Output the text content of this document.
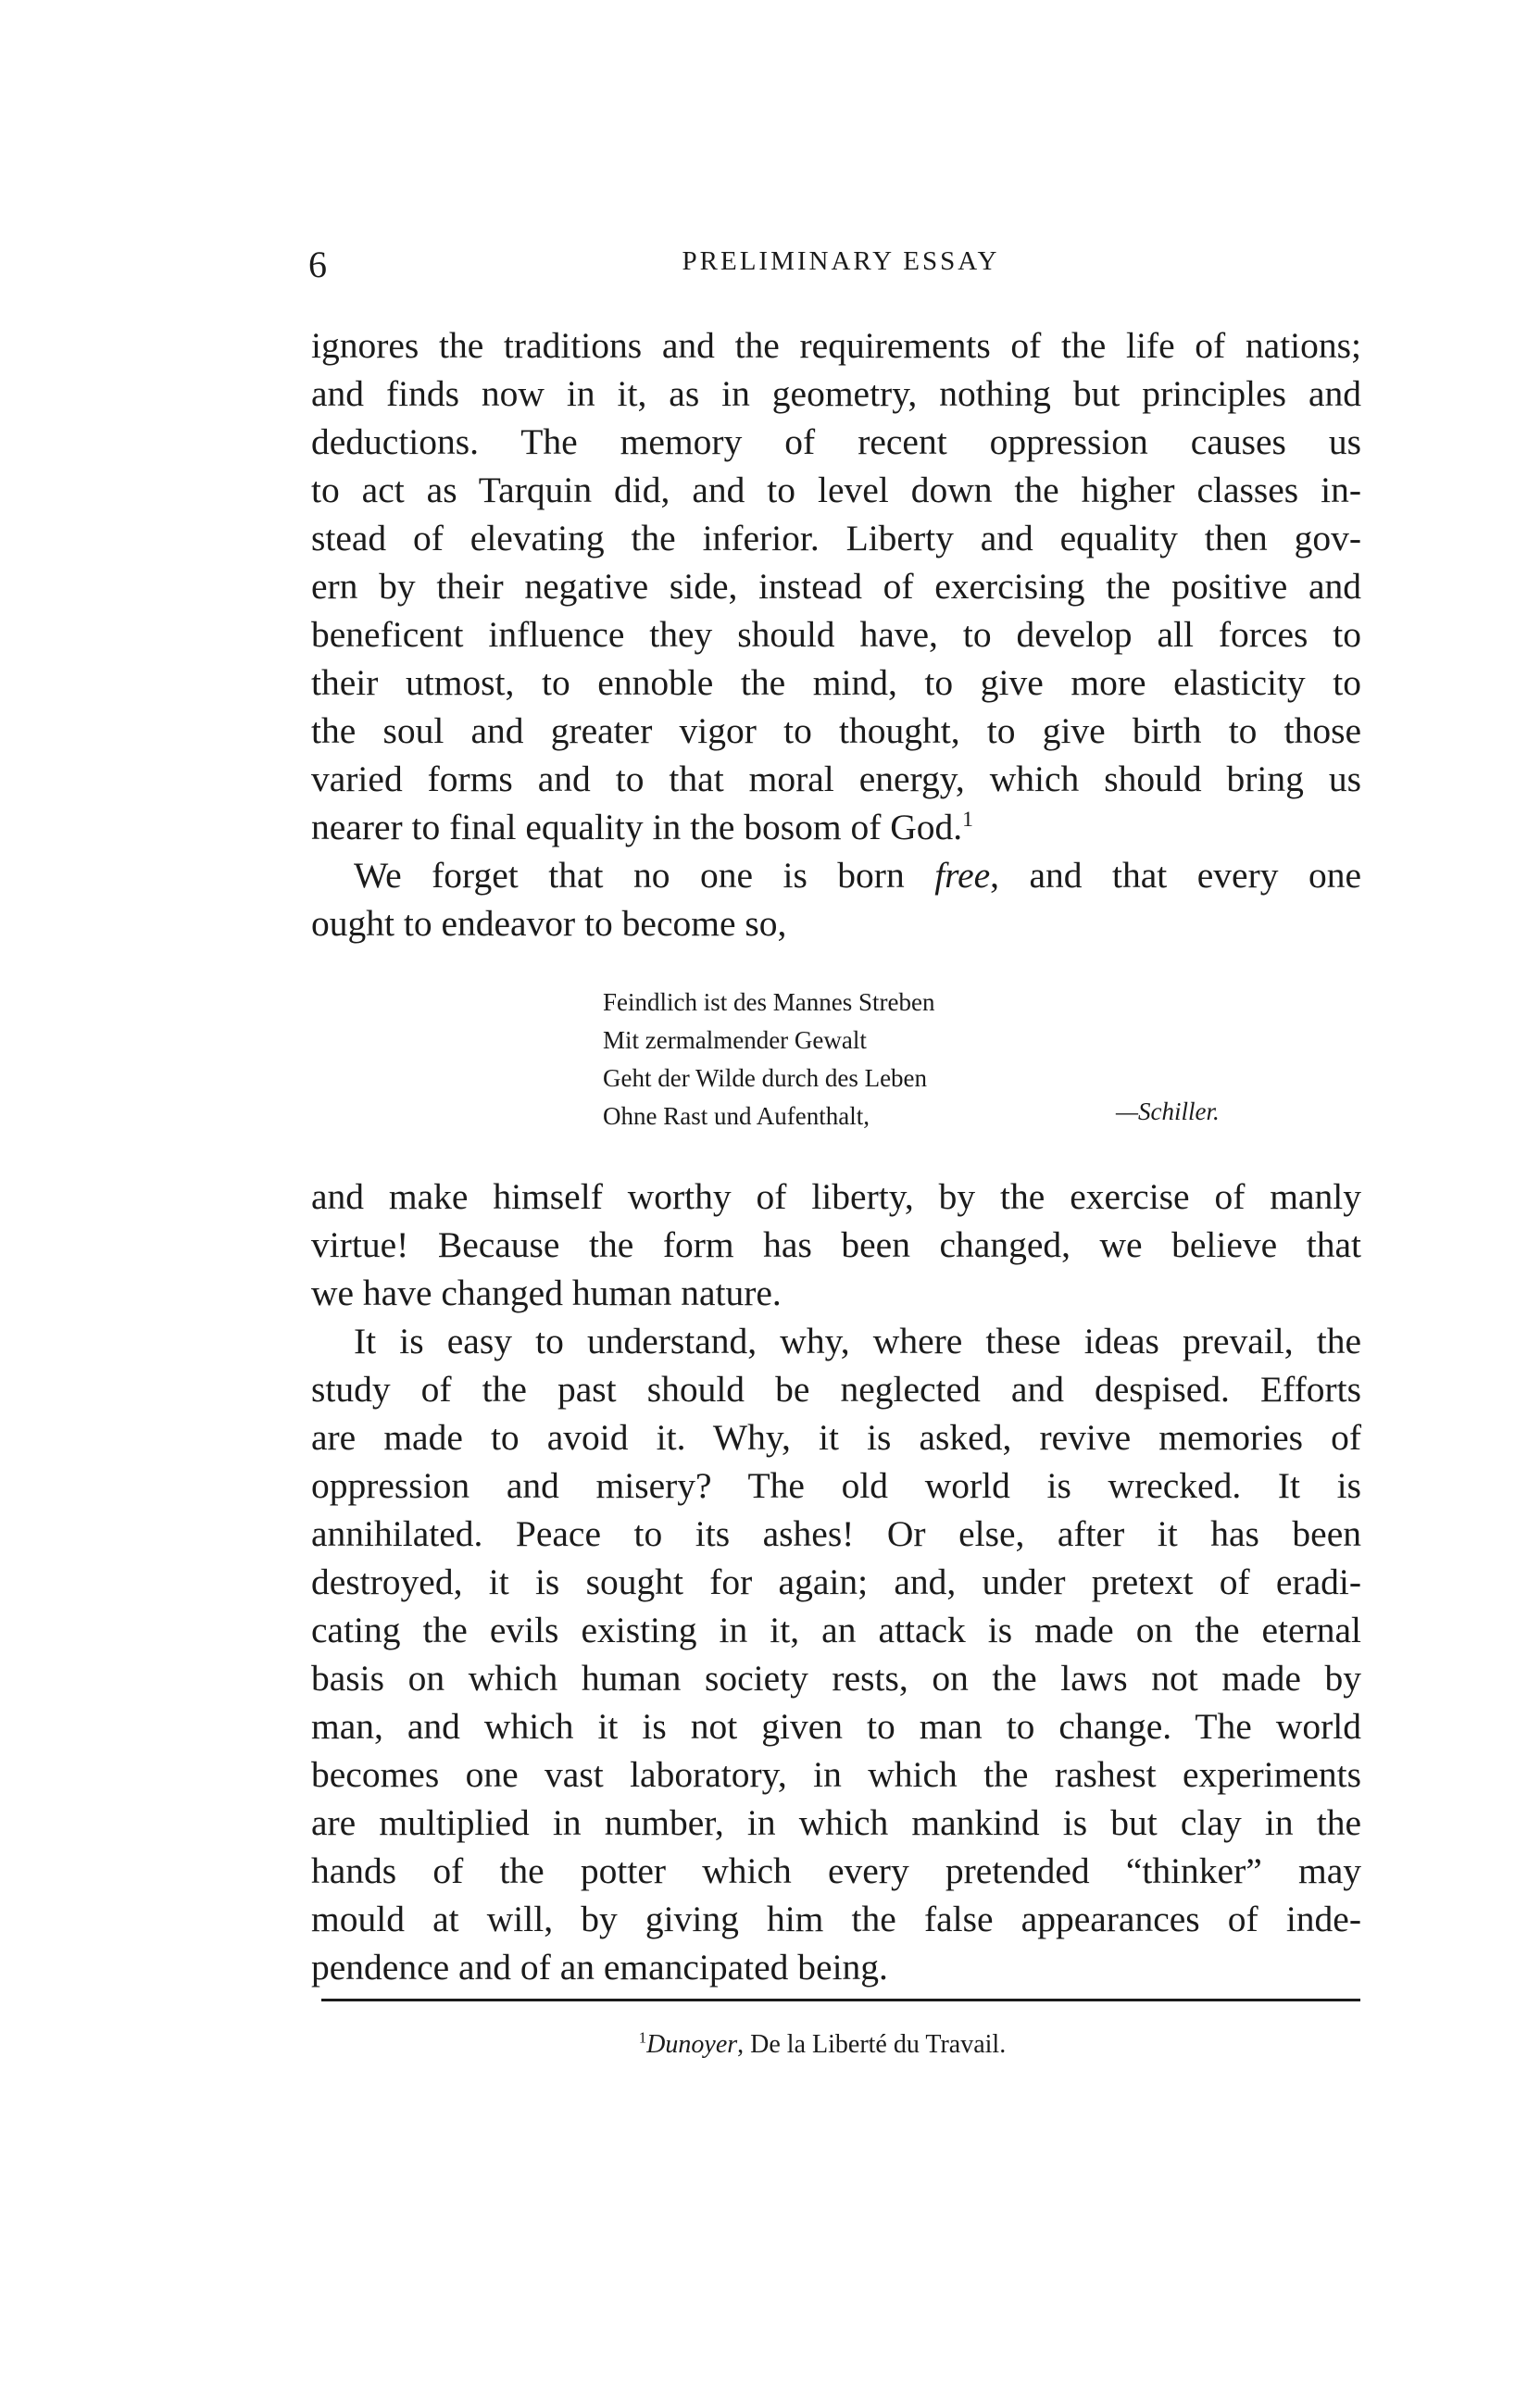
6	PRELIMINARY ESSAY
ignores the traditions and the requirements of the life of nations;
and finds now in it, as in geometry, nothing but principles and
deductions. The memory of recent oppression causes us
to act as Tarquin did, and to level down the higher classes in-
stead of elevating the inferior. Liberty and equality then gov-
ern by their negative side, instead of exercising the positive and
beneficent influence they should have, to develop all forces to
their utmost, to ennoble the mind, to give more elasticity to
the soul and greater vigor to thought, to give birth to those
varied forms and to that moral energy, which should bring us
nearer to final equality in the bosom of God.$^1$
We forget that no one is born free, and that every one
ought to endeavor to become so,
Feindlich ist des Mannes Streben
Mit zermalmender Gewalt
Geht der Wilde durch des Leben
Ohne Rast und Aufenthalt,	—Schiller.
and make himself worthy of liberty, by the exercise of manly
virtue! Because the form has been changed, we believe that
we have changed human nature.
It is easy to understand, why, where these ideas prevail, the
study of the past should be neglected and despised. Efforts
are made to avoid it. Why, it is asked, revive memories of
oppression and misery? The old world is wrecked. It is
annihilated. Peace to its ashes! Or else, after it has been
destroyed, it is sought for again; and, under pretext of eradi-
cating the evils existing in it, an attack is made on the eternal
basis on which human society rests, on the laws not made by
man, and which it is not given to man to change. The world
becomes one vast laboratory, in which the rashest experiments
are multiplied in number, in which mankind is but clay in the
hands of the potter which every pretended “thinker” may
mould at will, by giving him the false appearances of inde-
pendence and of an emancipated being.
$^1$Dunoyer, De la Liberté du Travail.
